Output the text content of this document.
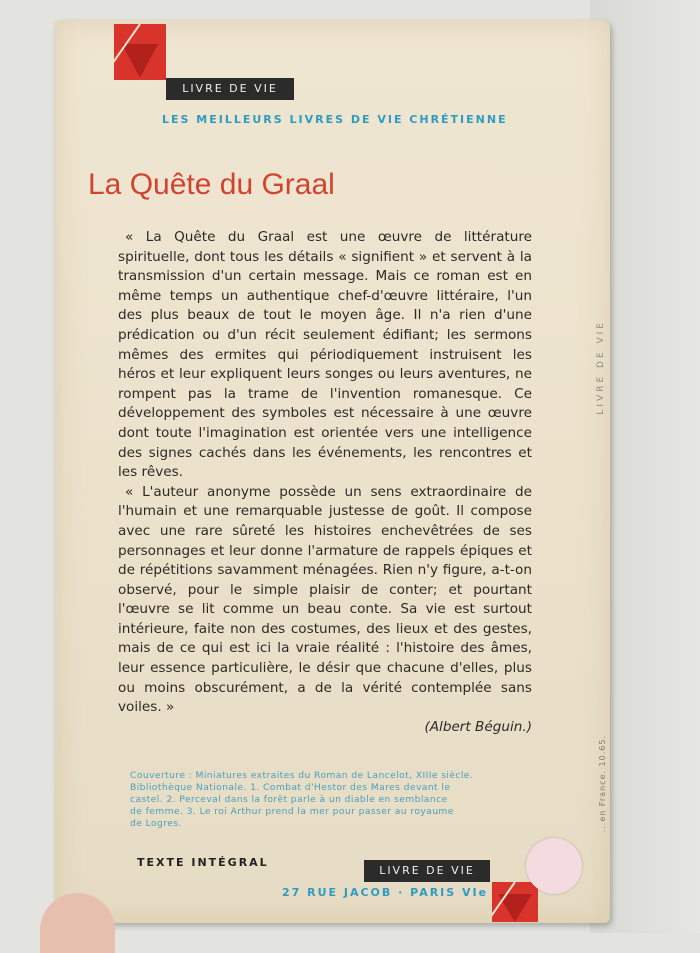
LIVRE DE VIE
LES MEILLEURS LIVRES DE VIE CHRÉTIENNE
LIVRE DE VIE
...en France. 10.65.
La Quête du Graal

« La Quête du Graal est une œuvre de littérature spirituelle, dont tous les détails « signifient » et servent à la transmission d'un certain message. Mais ce roman est en même temps un authentique chef-d'œuvre littéraire, l'un des plus beaux de tout le moyen âge. Il n'a rien d'une prédication ou d'un récit seulement édifiant; les sermons mêmes des ermites qui périodiquement instruisent les héros et leur expliquent leurs songes ou leurs aventures, ne rompent pas la trame de l'invention romanesque. Ce développement des symboles est nécessaire à une œuvre dont toute l'imagination est orientée vers une intelligence des signes cachés dans les événements, les rencontres et les rêves.

« L'auteur anonyme possède un sens extraordinaire de l'humain et une remarquable justesse de goût. Il compose avec une rare sûreté les histoires enchevêtrées de ses personnages et leur donne l'armature de rappels épiques et de répétitions savamment ménagées. Rien n'y figure, a-t-on observé, pour le simple plaisir de conter; et pourtant l'œuvre se lit comme un beau conte. Sa vie est surtout intérieure, faite non des costumes, des lieux et des gestes, mais de ce qui est ici la vraie réalité : l'histoire des âmes, leur essence particulière, le désir que chacune d'elles, plus ou moins obscurément, a de la vérité contemplée sans voiles. »

(Albert Béguin.)
Couverture : Miniatures extraites du Roman de Lancelot, XIIIe siècle.
Bibliothèque Nationale. 1. Combat d'Hestor des Mares devant le
castel. 2. Perceval dans la forêt parle à un diable en semblance
de femme. 3. Le roi Arthur prend la mer pour passer au royaume
de Logres.
TEXTE INTÉGRAL
LIVRE DE VIE
27 RUE JACOB · PARIS VIe
